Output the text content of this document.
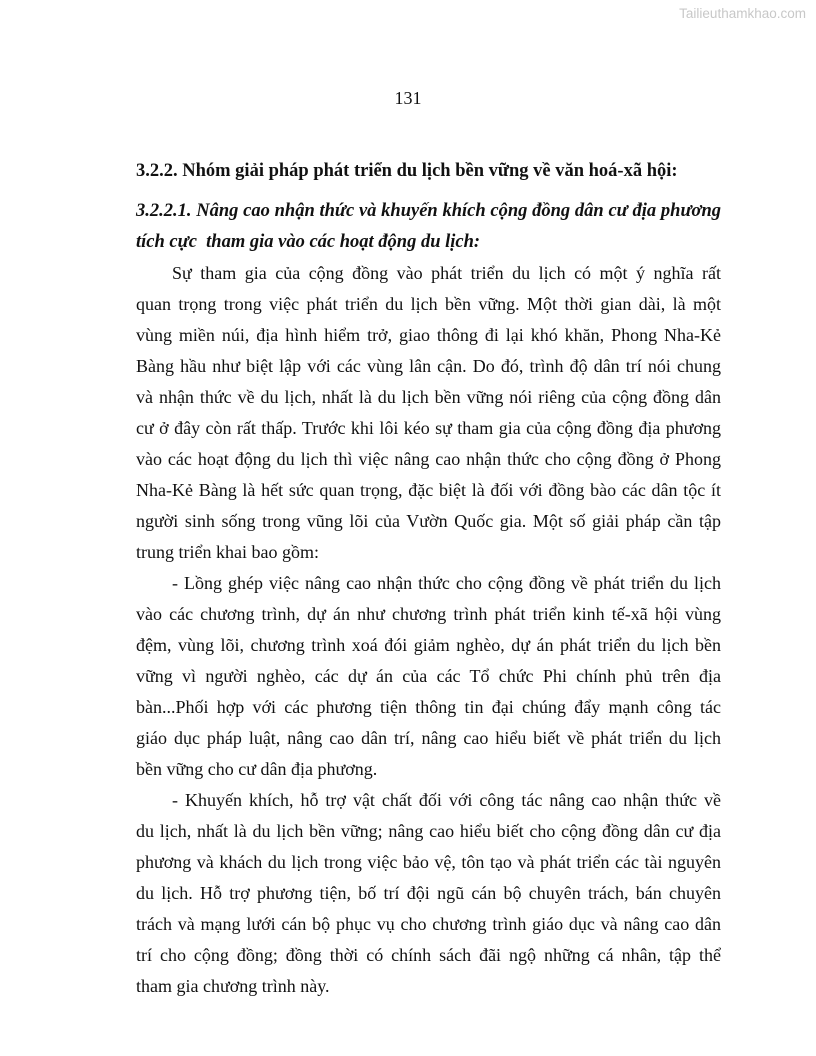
Tailieuthamkhao.com
131
3.2.2. Nhóm giải pháp phát triển du lịch bền vững về văn hoá-xã hội:
3.2.2.1. Nâng cao nhận thức và khuyến khích cộng đồng dân cư địa phương
tích cực  tham gia vào các hoạt động du lịch:
Sự tham gia của cộng đồng vào phát triển du lịch có một ý nghĩa rất
quan trọng trong việc phát triển du lịch bền vững. Một thời gian dài, là một
vùng miền núi, địa hình hiểm trở, giao thông đi lại khó khăn, Phong Nha-Kẻ
Bàng hầu như biệt lập với các vùng lân cận. Do đó, trình độ dân trí nói chung
và nhận thức về du lịch, nhất là du lịch bền vững nói riêng của cộng đồng dân
cư ở đây còn rất thấp. Trước khi lôi kéo sự tham gia của cộng đồng địa phương
vào các hoạt động du lịch thì việc nâng cao nhận thức cho cộng đồng ở Phong
Nha-Kẻ Bàng là hết sức quan trọng, đặc biệt là đối với đồng bào các dân tộc ít
người sinh sống trong vũng lõi của Vườn Quốc gia. Một số giải pháp cần tập
trung triển khai bao gồm:
- Lồng ghép việc nâng cao nhận thức cho cộng đồng về phát triển du lịch
vào các chương trình, dự án như chương trình phát triển kinh tế-xã hội vùng
đệm, vùng lõi, chương trình xoá đói giảm nghèo, dự án phát triển du lịch bền
vững vì người nghèo, các dự án của các Tổ chức Phi chính phủ trên địa
bàn...Phối hợp với các phương tiện thông tin đại chúng đẩy mạnh công tác
giáo dục pháp luật, nâng cao dân trí, nâng cao hiểu biết về phát triển du lịch
bền vững cho cư dân địa phương.
- Khuyến khích, hỗ trợ vật chất đối với công tác nâng cao nhận thức về
du lịch, nhất là du lịch bền vững; nâng cao hiểu biết cho cộng đồng dân cư địa
phương và khách du lịch trong việc bảo vệ, tôn tạo và phát triển các tài nguyên
du lịch. Hỗ trợ phương tiện, bố trí đội ngũ cán bộ chuyên trách, bán chuyên
trách và mạng lưới cán bộ phục vụ cho chương trình giáo dục và nâng cao dân
trí cho cộng đồng; đồng thời có chính sách đãi ngộ những cá nhân, tập thể
tham gia chương trình này.
